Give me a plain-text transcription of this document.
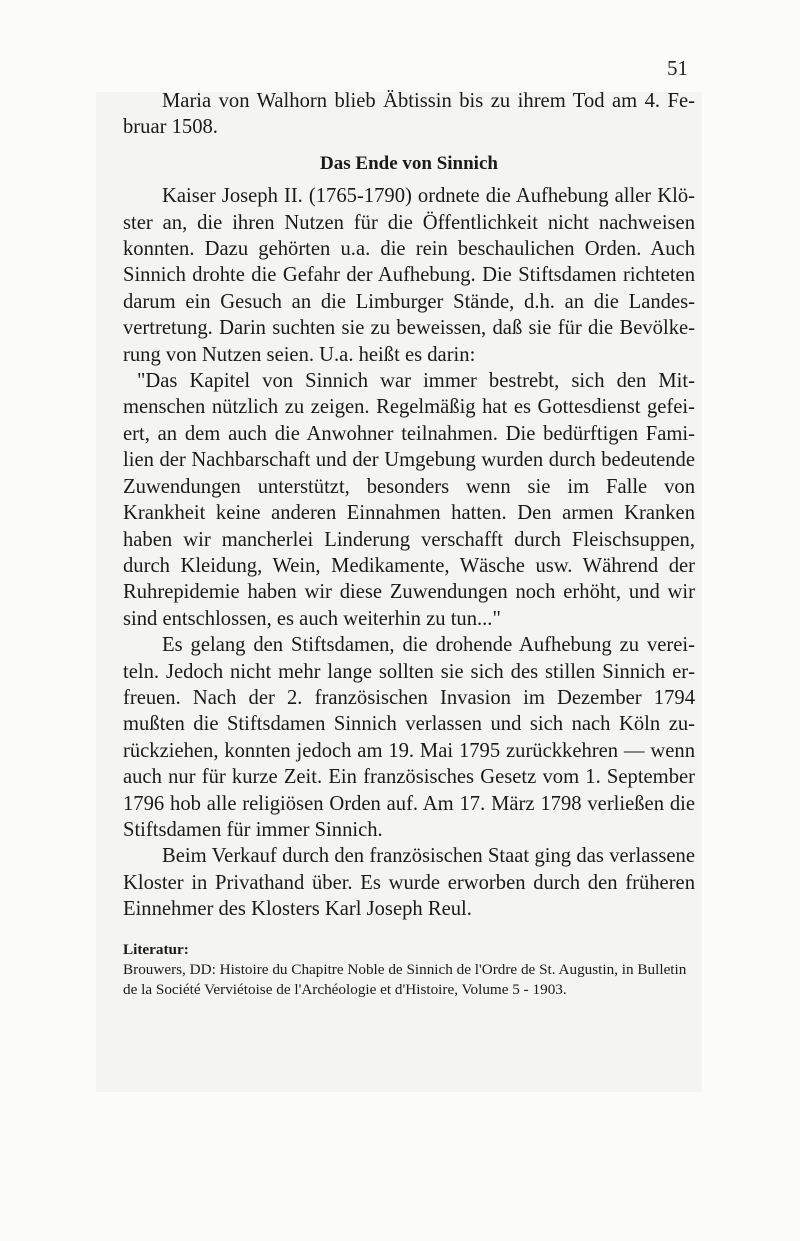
51

Maria von Walhorn blieb Äbtissin bis zu ihrem Tod am 4. Februar 1508.

Das Ende von Sinnich

Kaiser Joseph II. (1765-1790) ordnete die Aufhebung aller Klöster an, die ihren Nutzen für die Öffentlichkeit nicht nachweisen konnten. Dazu gehörten u.a. die rein beschaulichen Orden. Auch Sinnich drohte die Gefahr der Aufhebung. Die Stiftsdamen richteten darum ein Gesuch an die Limburger Stände, d.h. an die Landesvertretung. Darin suchten sie zu beweissen, daß sie für die Bevölkerung von Nutzen seien. U.a. heißt es darin:

"Das Kapitel von Sinnich war immer bestrebt, sich den Mitmenschen nützlich zu zeigen. Regelmäßig hat es Gottesdienst gefeiert, an dem auch die Anwohner teilnahmen. Die bedürftigen Familien der Nachbarschaft und der Umgebung wurden durch bedeutende Zuwendungen unterstützt, besonders wenn sie im Falle von Krankheit keine anderen Einnahmen hatten. Den armen Kranken haben wir mancherlei Linderung verschafft durch Fleischsuppen, durch Kleidung, Wein, Medikamente, Wäsche usw. Während der Ruhrepidemie haben wir diese Zuwendungen noch erhöht, und wir sind entschlossen, es auch weiterhin zu tun..."

Es gelang den Stiftsdamen, die drohende Aufhebung zu vereiteln. Jedoch nicht mehr lange sollten sie sich des stillen Sinnich erfreuen. Nach der 2. französischen Invasion im Dezember 1794 mußten die Stiftsdamen Sinnich verlassen und sich nach Köln zurückziehen, konnten jedoch am 19. Mai 1795 zurückkehren — wenn auch nur für kurze Zeit. Ein französisches Gesetz vom 1. September 1796 hob alle religiösen Orden auf. Am 17. März 1798 verließen die Stiftsdamen für immer Sinnich.

Beim Verkauf durch den französischen Staat ging das verlassene Kloster in Privathand über. Es wurde erworben durch den früheren Einnehmer des Klosters Karl Joseph Reul.

Literatur:

Brouwers, DD: Histoire du Chapitre Noble de Sinnich de l'Ordre de St. Augustin, in Bulletin de la Société Verviétoise de l'Archéologie et d'Histoire, Volume 5 - 1903.
